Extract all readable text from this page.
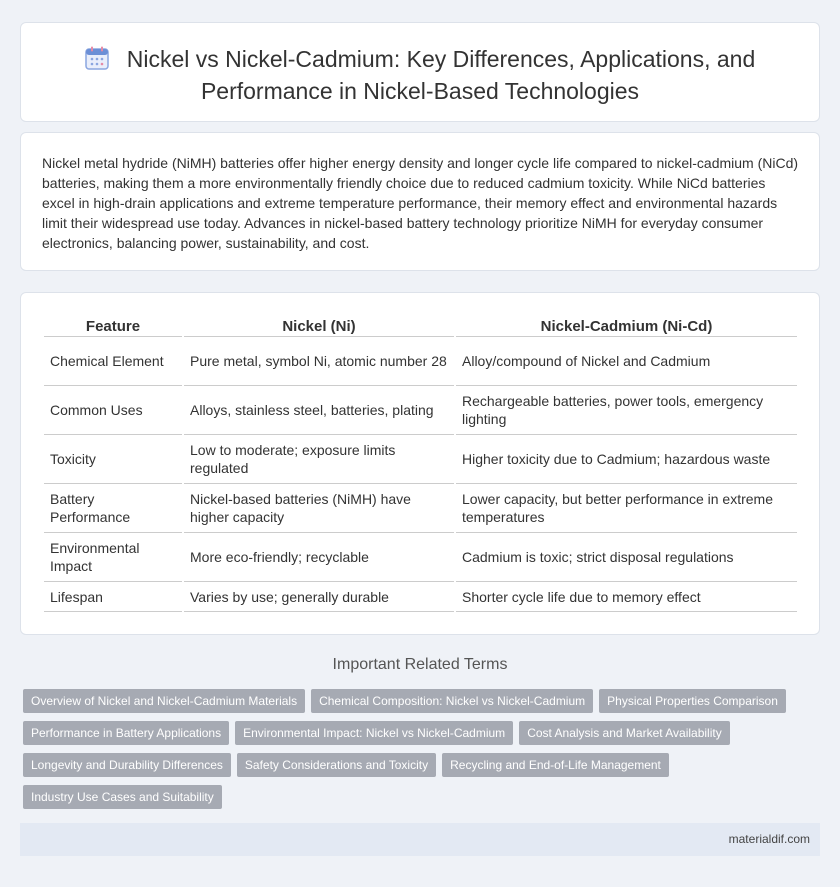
Nickel vs Nickel-Cadmium: Key Differences, Applications, and Performance in Nickel-Based Technologies

Nickel metal hydride (NiMH) batteries offer higher energy density and longer cycle life compared to nickel-cadmium (NiCd) batteries, making them a more environmentally friendly choice due to reduced cadmium toxicity. While NiCd batteries excel in high-drain applications and extreme temperature performance, their memory effect and environmental hazards limit their widespread use today. Advances in nickel-based battery technology prioritize NiMH for everyday consumer electronics, balancing power, sustainability, and cost.

Feature	Nickel (Ni)	Nickel-Cadmium (Ni-Cd)
Chemical Element	Pure metal, symbol Ni, atomic number 28	Alloy/compound of Nickel and Cadmium
Common Uses	Alloys, stainless steel, batteries, plating	Rechargeable batteries, power tools, emergency lighting
Toxicity	Low to moderate; exposure limits regulated	Higher toxicity due to Cadmium; hazardous waste
Battery Performance	Nickel-based batteries (NiMH) have higher capacity	Lower capacity, but better performance in extreme temperatures
Environmental Impact	More eco-friendly; recyclable	Cadmium is toxic; strict disposal regulations
Lifespan	Varies by use; generally durable	Shorter cycle life due to memory effect
Important Related Terms
Overview of Nickel and Nickel-Cadmium Materials Chemical Composition: Nickel vs Nickel-Cadmium Physical Properties Comparison
Performance in Battery Applications Environmental Impact: Nickel vs Nickel-Cadmium Cost Analysis and Market Availability
Longevity and Durability Differences Safety Considerations and Toxicity Recycling and End-of-Life Management
Industry Use Cases and Suitability
materialdif.com
